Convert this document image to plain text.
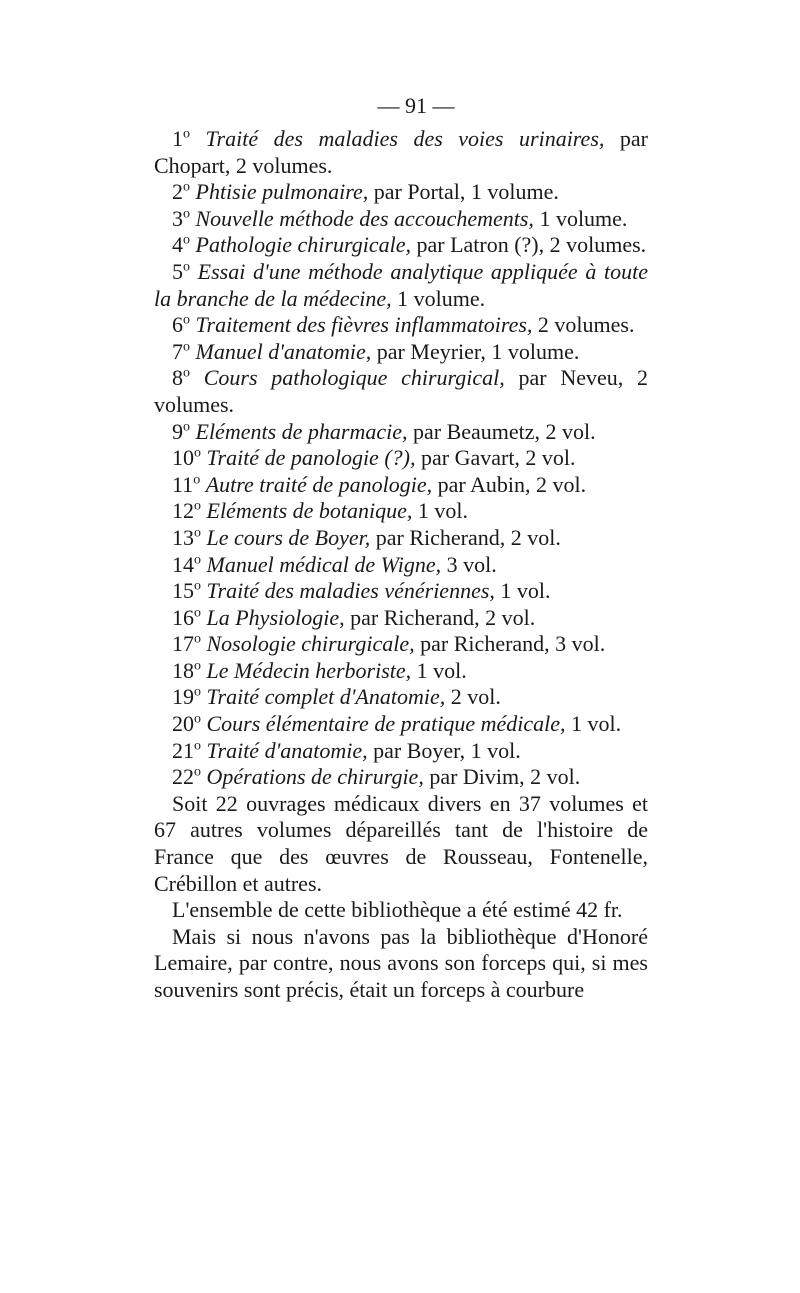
— 91 —

1$^o$ Traité des maladies des voies urinaires, par Chopart, 2 volumes.

2$^o$ Phtisie pulmonaire, par Portal, 1 volume.

3$^o$ Nouvelle méthode des accouchements, 1 volume.

4$^o$ Pathologie chirurgicale, par Latron (?), 2 volumes.

5$^o$ Essai d'une méthode analytique appliquée à toute la branche de la médecine, 1 volume.

6$^o$ Traitement des fièvres inflammatoires, 2 volumes.

7$^o$ Manuel d'anatomie, par Meyrier, 1 volume.

8$^o$ Cours pathologique chirurgical, par Neveu, 2 volumes.

9$^o$ Eléments de pharmacie, par Beaumetz, 2 vol.

10$^o$ Traité de panologie (?), par Gavart, 2 vol.

11$^o$ Autre traité de panologie, par Aubin, 2 vol.

12$^o$ Eléments de botanique, 1 vol.

13$^o$ Le cours de Boyer, par Richerand, 2 vol.

14$^o$ Manuel médical de Wigne, 3 vol.

15$^o$ Traité des maladies vénériennes, 1 vol.

16$^o$ La Physiologie, par Richerand, 2 vol.

17$^o$ Nosologie chirurgicale, par Richerand, 3 vol.

18$^o$ Le Médecin herboriste, 1 vol.

19$^o$ Traité complet d'Anatomie, 2 vol.

20$^o$ Cours élémentaire de pratique médicale, 1 vol.

21$^o$ Traité d'anatomie, par Boyer, 1 vol.

22$^o$ Opérations de chirurgie, par Divim, 2 vol.

Soit 22 ouvrages médicaux divers en 37 volumes et 67 autres volumes dépareillés tant de l'histoire de France que des œuvres de Rousseau, Fontenelle, Crébillon et autres.

L'ensemble de cette bibliothèque a été estimé 42 fr.

Mais si nous n'avons pas la bibliothèque d'Honoré Lemaire, par contre, nous avons son forceps qui, si mes souvenirs sont précis, était un forceps à courbure
